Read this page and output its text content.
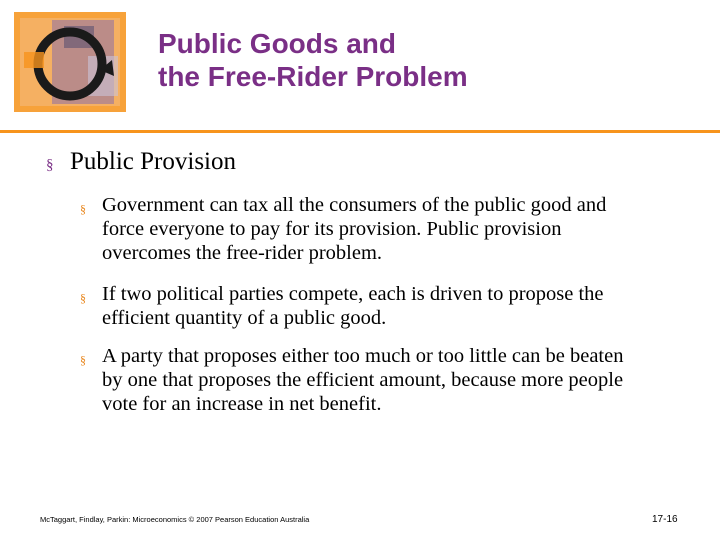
Public Goods and
the Free-Rider Problem
§ Public Provision
§ Government can tax all the consumers of the public good and force everyone to pay for its provision. Public provision overcomes the free-rider problem.
§ If two political parties compete, each is driven to propose the efficient quantity of a public good.
§ A party that proposes either too much or too little can be beaten by one that proposes the efficient amount, because more people vote for an increase in net benefit.
McTaggart, Findlay, Parkin: Microeconomics © 2007 Pearson Education Australia	17-16
